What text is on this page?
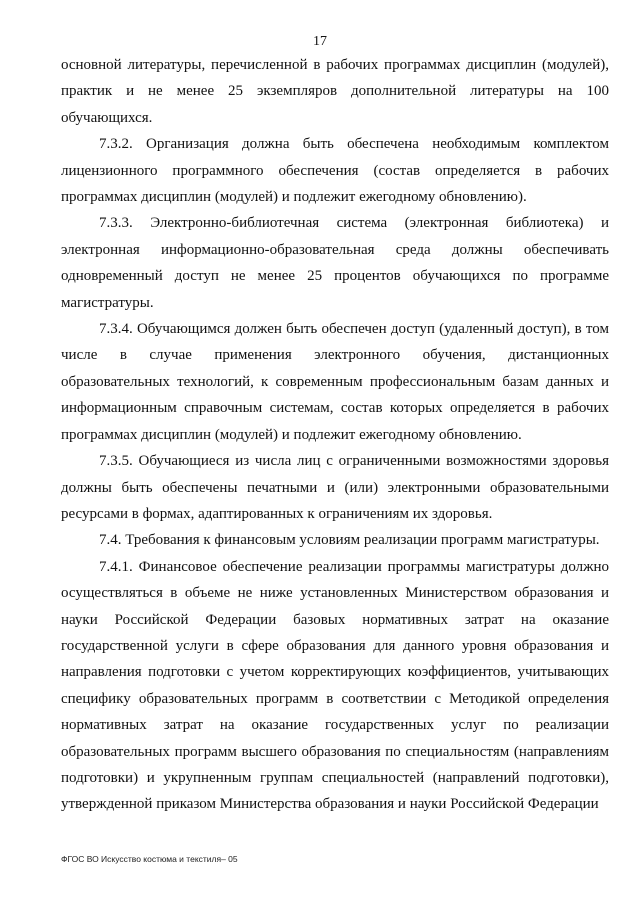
17

основной литературы, перечисленной в рабочих программах дисциплин (модулей), практик и не менее 25 экземпляров дополнительной литературы на 100 обучающихся.

7.3.2. Организация должна быть обеспечена необходимым комплектом лицензионного программного обеспечения (состав определяется в рабочих программах дисциплин (модулей) и подлежит ежегодному обновлению).

7.3.3. Электронно-библиотечная система (электронная библиотека) и электронная информационно-образовательная среда должны обеспечивать одновременный доступ не менее 25 процентов обучающихся по программе магистратуры.

7.3.4. Обучающимся должен быть обеспечен доступ (удаленный доступ), в том числе в случае применения электронного обучения, дистанционных образовательных технологий, к современным профессиональным базам данных и информационным справочным системам, состав которых определяется в рабочих программах дисциплин (модулей) и подлежит ежегодному обновлению.

7.3.5. Обучающиеся из числа лиц с ограниченными возможностями здоровья должны быть обеспечены печатными и (или) электронными образовательными ресурсами в формах, адаптированных к ограничениям их здоровья.

7.4. Требования к финансовым условиям реализации программ магистратуры.

7.4.1. Финансовое обеспечение реализации программы магистратуры должно осуществляться в объеме не ниже установленных Министерством образования и науки Российской Федерации базовых нормативных затрат на оказание государственной услуги в сфере образования для данного уровня образования и направления подготовки с учетом корректирующих коэффициентов, учитывающих специфику образовательных программ в соответствии с Методикой определения нормативных затрат на оказание государственных услуг по реализации образовательных программ высшего образования по специальностям (направлениям подготовки) и укрупненным группам специальностей (направлений подготовки), утвержденной приказом Министерства образования и науки Российской Федерации

ФГОС ВО Искусство костюма и текстиля– 05
